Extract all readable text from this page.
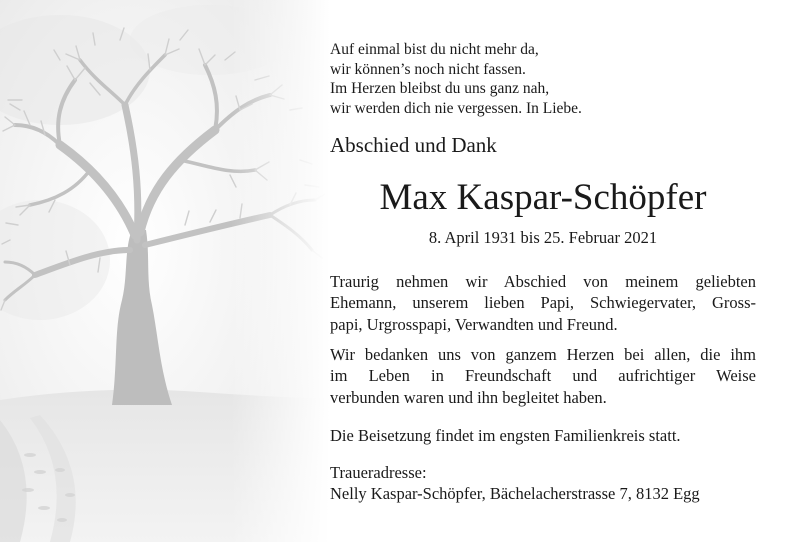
Auf einmal bist du nicht mehr da,
wir können’s noch nicht fassen.
Im Herzen bleibst du uns ganz nah,
wir werden dich nie vergessen. In Liebe.
Abschied und Dank
Max Kaspar-Schöpfer
8. April 1931 bis 25. Februar 2021
Traurig nehmen wir Abschied von meinem geliebten
Ehemann, unserem lieben Papi, Schwiegervater, Gross-
papi, Urgrosspapi, Verwandten und Freund.
Wir bedanken uns von ganzem Herzen bei allen, die ihm
im Leben in Freundschaft und aufrichtiger Weise
verbunden waren und ihn begleitet haben.
Die Beisetzung findet im engsten Familienkreis statt.
Traueradresse:
Nelly Kaspar-Schöpfer, Bächelacherstrasse 7, 8132 Egg
